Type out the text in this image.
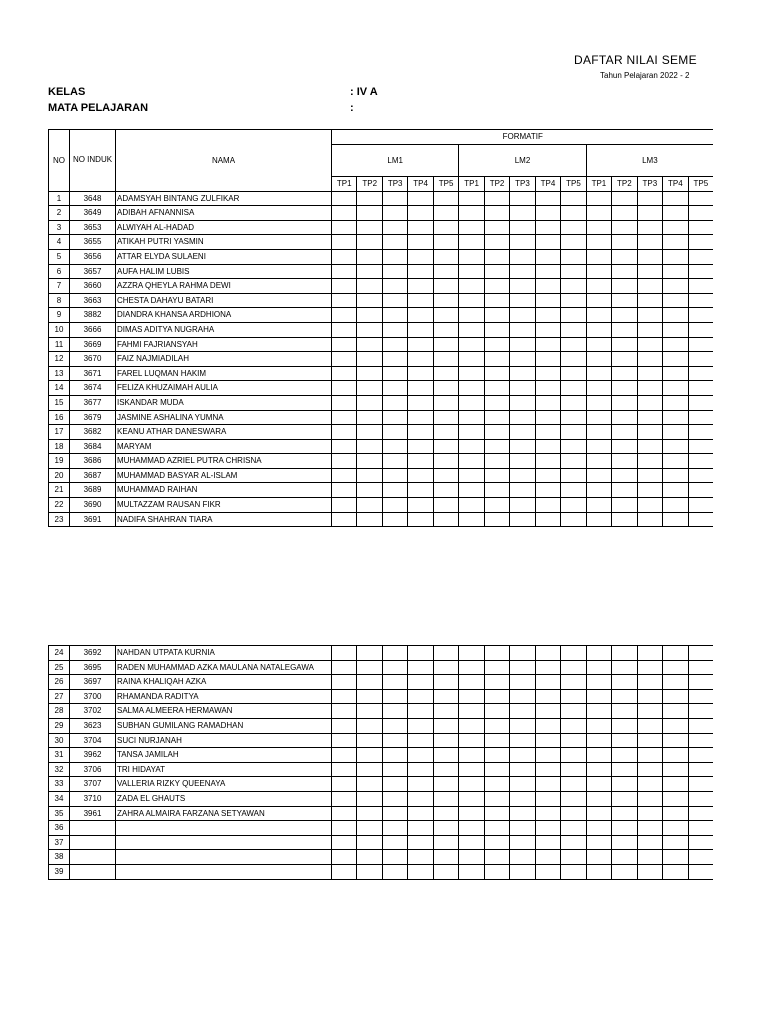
DAFTAR NILAI SEME
Tahun Pelajaran 2022 - 2
KELAS	: IV A
MATA PELAJARAN	:
NO	NO INDUK	NAMA	FORMATIF														
			LM1					LM2					LM3				
			TP1	TP2	TP3	TP4	TP5	TP1	TP2	TP3	TP4	TP5	TP1	TP2	TP3	TP4	TP5
1	3648	ADAMSYAH BINTANG ZULFIKAR															
2	3649	ADIBAH AFNANNISA															
3	3653	ALWIYAH AL-HADAD															
4	3655	ATIKAH PUTRI YASMIN															
5	3656	ATTAR ELYDA SULAENI															
6	3657	AUFA HALIM LUBIS															
7	3660	AZZRA QHEYLA RAHMA DEWI															
8	3663	CHESTA DAHAYU BATARI															
9	3882	DIANDRA KHANSA ARDHIONA															
10	3666	DIMAS ADITYA NUGRAHA															
11	3669	FAHMI FAJRIANSYAH															
12	3670	FAIZ NAJMIADILAH															
13	3671	FAREL LUQMAN HAKIM															
14	3674	FELIZA KHUZAIMAH AULIA															
15	3677	ISKANDAR MUDA															
16	3679	JASMINE ASHALINA YUMNA															
17	3682	KEANU ATHAR DANESWARA															
18	3684	MARYAM															
19	3686	MUHAMMAD AZRIEL PUTRA CHRISNA															
20	3687	MUHAMMAD BASYAR AL-ISLAM															
21	3689	MUHAMMAD RAIHAN															
22	3690	MULTAZZAM RAUSAN FIKR															
23	3691	NADIFA SHAHRAN TIARA															
24	3692	NAHDAN UTPATA KURNIA															
25	3695	RADEN MUHAMMAD AZKA MAULANA NATALEGAWA															
26	3697	RAINA KHALIQAH AZKA															
27	3700	RHAMANDA RADITYA															
28	3702	SALMA ALMEERA HERMAWAN															
29	3623	SUBHAN GUMILANG RAMADHAN															
30	3704	SUCI NURJANAH															
31	3962	TANSA JAMILAH															
32	3706	TRI HIDAYAT															
33	3707	VALLERIA RIZKY QUEENAYA															
34	3710	ZADA EL GHAUTS															
35	3961	ZAHRA ALMAIRA FARZANA SETYAWAN															
36																	
37																	
38																	
39																	
